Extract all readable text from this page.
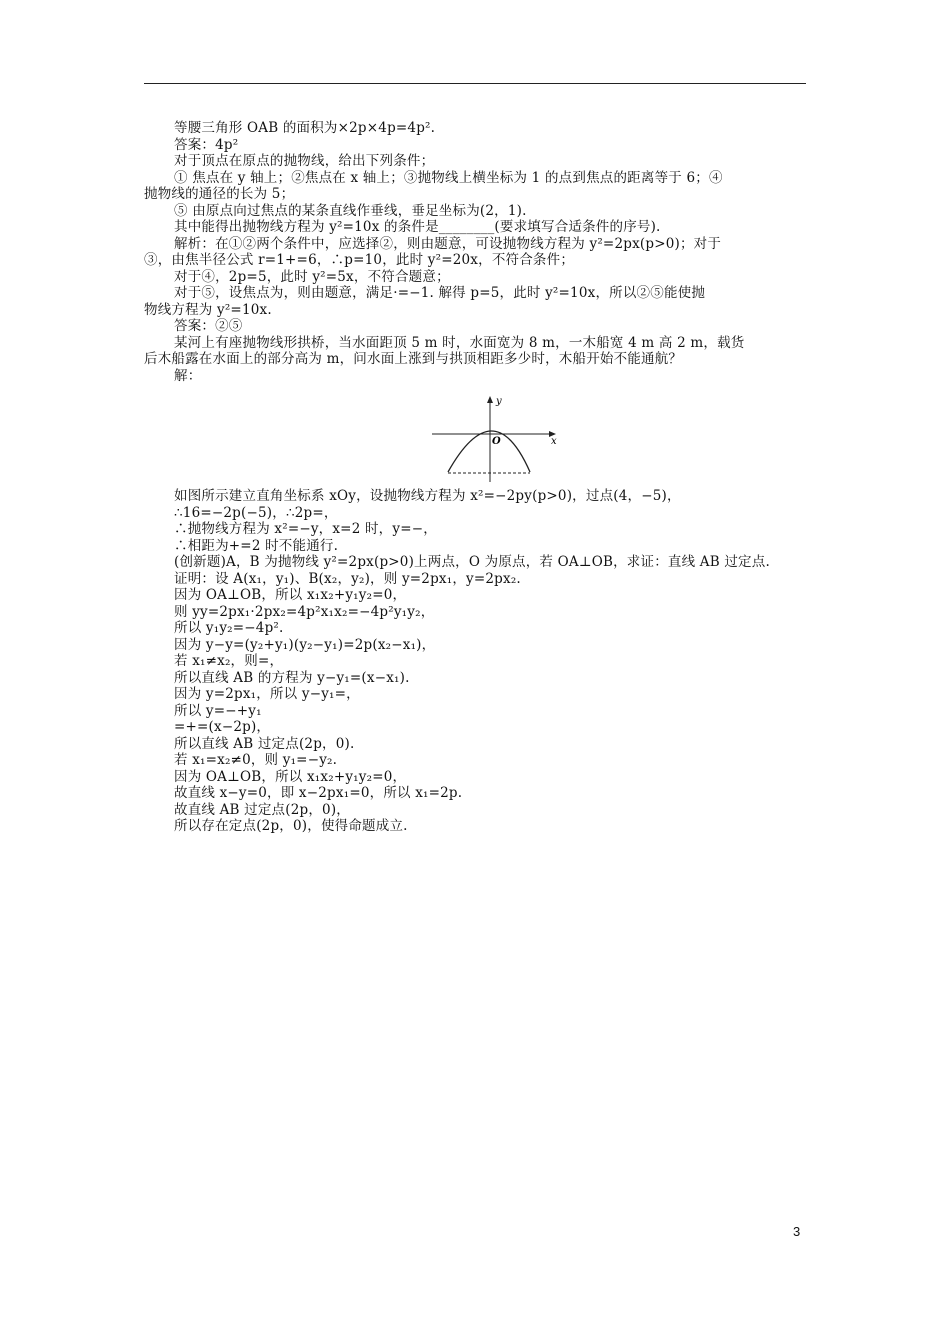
等腰三角形 OAB 的面积为×2p×4p=4p².
答案：4p²
对于顶点在原点的抛物线，给出下列条件；
① 焦点在 y 轴上；②焦点在 x 轴上；③抛物线上横坐标为 1 的点到焦点的距离等于 6；④
抛物线的通径的长为 5；
⑤ 由原点向过焦点的某条直线作垂线，垂足坐标为(2，1).
其中能得出抛物线方程为 y²=10x 的条件是________(要求填写合适条件的序号).
解析：在①②两个条件中，应选择②，则由题意，可设抛物线方程为 y²=2px(p>0)；对于
③，由焦半径公式 r=1+=6，∴p=10，此时 y²=20x，不符合条件；
对于④，2p=5，此时 y²=5x，不符合题意；
对于⑤，设焦点为，则由题意，满足·=−1. 解得 p=5，此时 y²=10x，所以②⑤能使抛
物线方程为 y²=10x.
答案：②⑤
某河上有座抛物线形拱桥，当水面距顶 5 m 时，水面宽为 8 m，一木船宽 4 m 高 2 m，载货
后木船露在水面上的部分高为 m，问水面上涨到与拱顶相距多少时，木船开始不能通航？
解：
y
x
O
如图所示建立直角坐标系 xOy，设抛物线方程为 x²=−2py(p>0)，过点(4，−5)，
∴16=−2p(−5)，∴2p=，
∴抛物线方程为 x²=−y，x=2 时，y=−，
∴相距为+=2 时不能通行.
(创新题)A，B 为抛物线 y²=2px(p>0)上两点，O 为原点，若 OA⊥OB，求证：直线 AB 过定点.
证明：设 A(x₁，y₁)、B(x₂，y₂)，则 y=2px₁，y=2px₂.
因为 OA⊥OB，所以 x₁x₂+y₁y₂=0，
则 yy=2px₁·2px₂=4p²x₁x₂=−4p²y₁y₂，
所以 y₁y₂=−4p².
因为 y−y=(y₂+y₁)(y₂−y₁)=2p(x₂−x₁)，
若 x₁≠x₂，则=，
所以直线 AB 的方程为 y−y₁=(x−x₁).
因为 y=2px₁，所以 y−y₁=，
所以 y=−+y₁
=+=(x−2p)，
所以直线 AB 过定点(2p，0).
若 x₁=x₂≠0，则 y₁=−y₂.
因为 OA⊥OB，所以 x₁x₂+y₁y₂=0，
故直线 x−y=0，即 x−2px₁=0，所以 x₁=2p.
故直线 AB 过定点(2p，0)，
所以存在定点(2p，0)，使得命题成立.
3
